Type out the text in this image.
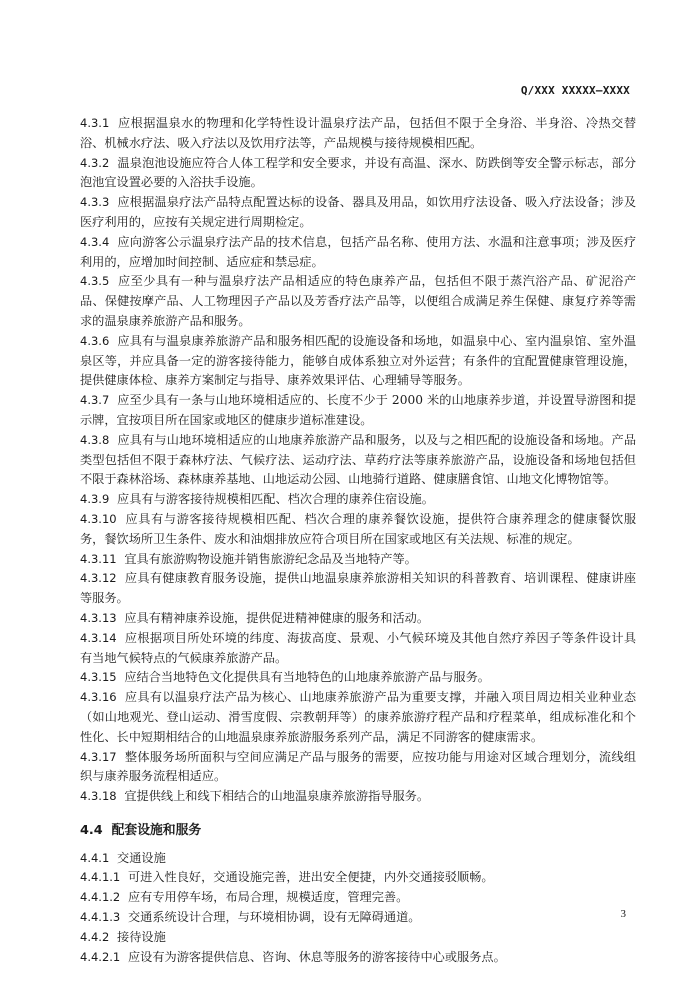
Q/XXX XXXXX—XXXX

4.3.1 应根据温泉水的物理和化学特性设计温泉疗法产品，包括但不限于全身浴、半身浴、冷热交替浴、机械水疗法、吸入疗法以及饮用疗法等，产品规模与接待规模相匹配。

4.3.2 温泉泡池设施应符合人体工程学和安全要求，并设有高温、深水、防跌倒等安全警示标志，部分泡池宜设置必要的入浴扶手设施。

4.3.3 应根据温泉疗法产品特点配置达标的设备、器具及用品，如饮用疗法设备、吸入疗法设备；涉及医疗利用的，应按有关规定进行周期检定。

4.3.4 应向游客公示温泉疗法产品的技术信息，包括产品名称、使用方法、水温和注意事项；涉及医疗利用的，应增加时间控制、适应症和禁忌症。

4.3.5 应至少具有一种与温泉疗法产品相适应的特色康养产品，包括但不限于蒸汽浴产品、矿泥浴产品、保健按摩产品、人工物理因子产品以及芳香疗法产品等，以便组合成满足养生保健、康复疗养等需求的温泉康养旅游产品和服务。

4.3.6 应具有与温泉康养旅游产品和服务相匹配的设施设备和场地，如温泉中心、室内温泉馆、室外温泉区等，并应具备一定的游客接待能力，能够自成体系独立对外运营；有条件的宜配置健康管理设施，提供健康体检、康养方案制定与指导、康养效果评估、心理辅导等服务。

4.3.7 应至少具有一条与山地环境相适应的、长度不少于 2000 米的山地康养步道，并设置导游图和提示牌，宜按项目所在国家或地区的健康步道标准建设。

4.3.8 应具有与山地环境相适应的山地康养旅游产品和服务，以及与之相匹配的设施设备和场地。产品类型包括但不限于森林疗法、气候疗法、运动疗法、草药疗法等康养旅游产品，设施设备和场地包括但不限于森林浴场、森林康养基地、山地运动公园、山地骑行道路、健康膳食馆、山地文化博物馆等。

4.3.9 应具有与游客接待规模相匹配、档次合理的康养住宿设施。

4.3.10 应具有与游客接待规模相匹配、档次合理的康养餐饮设施，提供符合康养理念的健康餐饮服务，餐饮场所卫生条件、废水和油烟排放应符合项目所在国家或地区有关法规、标准的规定。

4.3.11 宜具有旅游购物设施并销售旅游纪念品及当地特产等。

4.3.12 应具有健康教育服务设施，提供山地温泉康养旅游相关知识的科普教育、培训课程、健康讲座等服务。

4.3.13 应具有精神康养设施，提供促进精神健康的服务和活动。

4.3.14 应根据项目所处环境的纬度、海拔高度、景观、小气候环境及其他自然疗养因子等条件设计具有当地气候特点的气候康养旅游产品。

4.3.15 应结合当地特色文化提供具有当地特色的山地康养旅游产品与服务。

4.3.16 应具有以温泉疗法产品为核心、山地康养旅游产品为重要支撑，并融入项目周边相关业种业态（如山地观光、登山运动、滑雪度假、宗教朝拜等）的康养旅游疗程产品和疗程菜单，组成标准化和个性化、长中短期相结合的山地温泉康养旅游服务系列产品，满足不同游客的健康需求。

4.3.17 整体服务场所面积与空间应满足产品与服务的需要，应按功能与用途对区域合理划分，流线组织与康养服务流程相适应。

4.3.18 宜提供线上和线下相结合的山地温泉康养旅游指导服务。

4.4 配套设施和服务

4.4.1 交通设施

4.4.1.1 可进入性良好，交通设施完善，进出安全便捷，内外交通接驳顺畅。

4.4.1.2 应有专用停车场，布局合理，规模适度，管理完善。

4.4.1.3 交通系统设计合理，与环境相协调，设有无障碍通道。

4.4.2 接待设施

4.4.2.1 应设有为游客提供信息、咨询、休息等服务的游客接待中心或服务点。

3
